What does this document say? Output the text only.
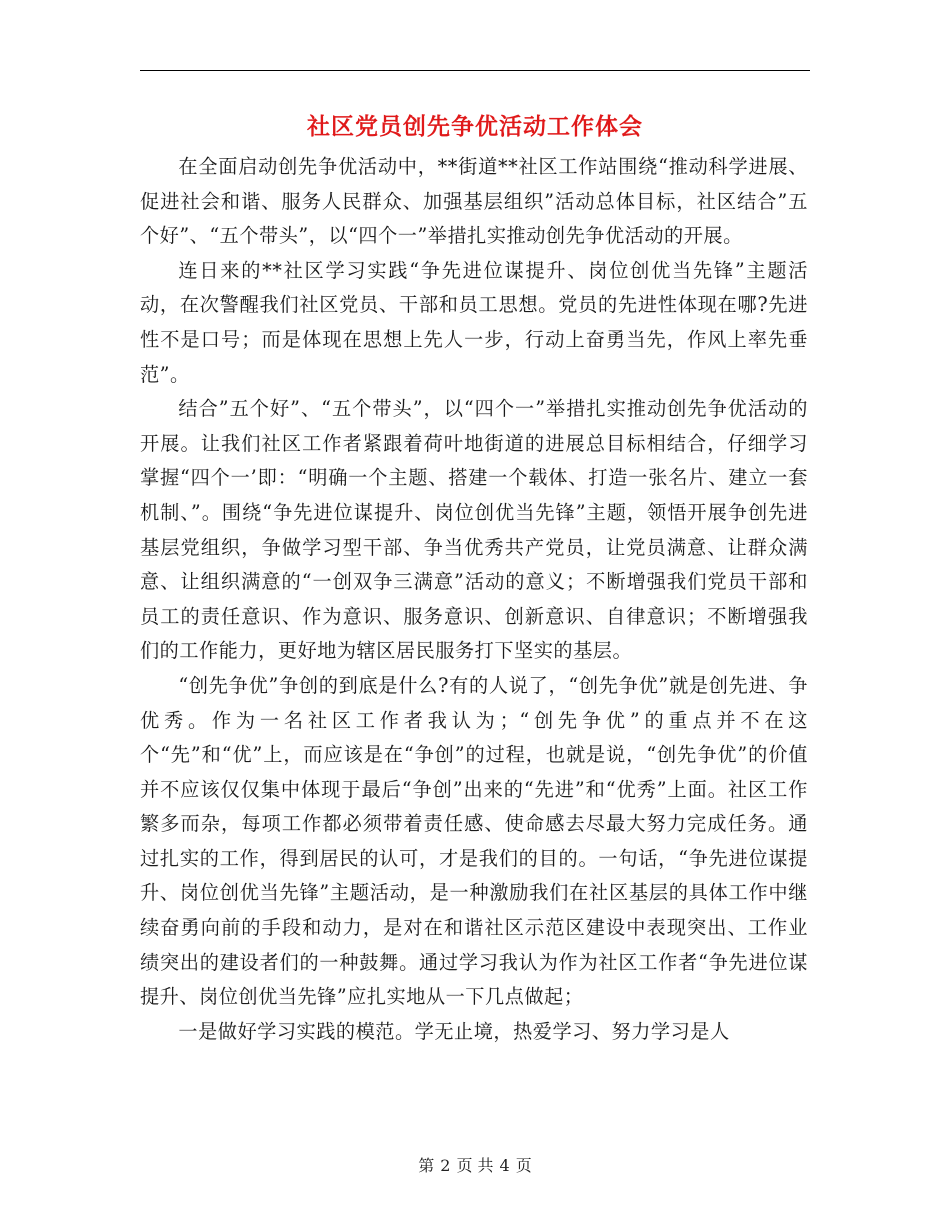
社区党员创先争优活动工作体会

在全面启动创先争优活动中，**街道**社区工作站围绕“推动科学进展、促进社会和谐、服务人民群众、加强基层组织”活动总体目标，社区结合”五个好”、“五个带头”，以“四个一”举措扎实推动创先争优活动的开展。

连日来的**社区学习实践“争先进位谋提升、岗位创优当先锋”主题活动，在次警醒我们社区党员、干部和员工思想。党员的先进性体现在哪?先进性不是口号；而是体现在思想上先人一步，行动上奋勇当先，作风上率先垂范”。

结合”五个好”、“五个带头”，以“四个一”举措扎实推动创先争优活动的开展。让我们社区工作者紧跟着荷叶地街道的进展总目标相结合，仔细学习掌握“四个一’即：“明确一个主题、搭建一个载体、打造一张名片、建立一套机制、”。围绕“争先进位谋提升、岗位创优当先锋”主题，领悟开展争创先进基层党组织，争做学习型干部、争当优秀共产党员，让党员满意、让群众满意、让组织满意的“一创双争三满意”活动的意义；不断增强我们党员干部和员工的责任意识、作为意识、服务意识、创新意识、自律意识；不断增强我们的工作能力，更好地为辖区居民服务打下坚实的基层。

“创先争优”争创的到底是什么?有的人说了，“创先争优”就是创先进、争优秀。作为一名社区工作者我认为；“创先争优”的重点并不在这个“先”和“优”上，而应该是在“争创”的过程，也就是说，“创先争优”的价值并不应该仅仅集中体现于最后“争创”出来的“先进”和“优秀”上面。社区工作繁多而杂，每项工作都必须带着责任感、使命感去尽最大努力完成任务。通过扎实的工作，得到居民的认可，才是我们的目的。一句话，“争先进位谋提升、岗位创优当先锋”主题活动，是一种激励我们在社区基层的具体工作中继续奋勇向前的手段和动力，是对在和谐社区示范区建设中表现突出、工作业绩突出的建设者们的一种鼓舞。通过学习我认为作为社区工作者“争先进位谋提升、岗位创优当先锋”应扎实地从一下几点做起；

一是做好学习实践的模范。学无止境，热爱学习、努力学习是人

第 2 页 共 4 页
